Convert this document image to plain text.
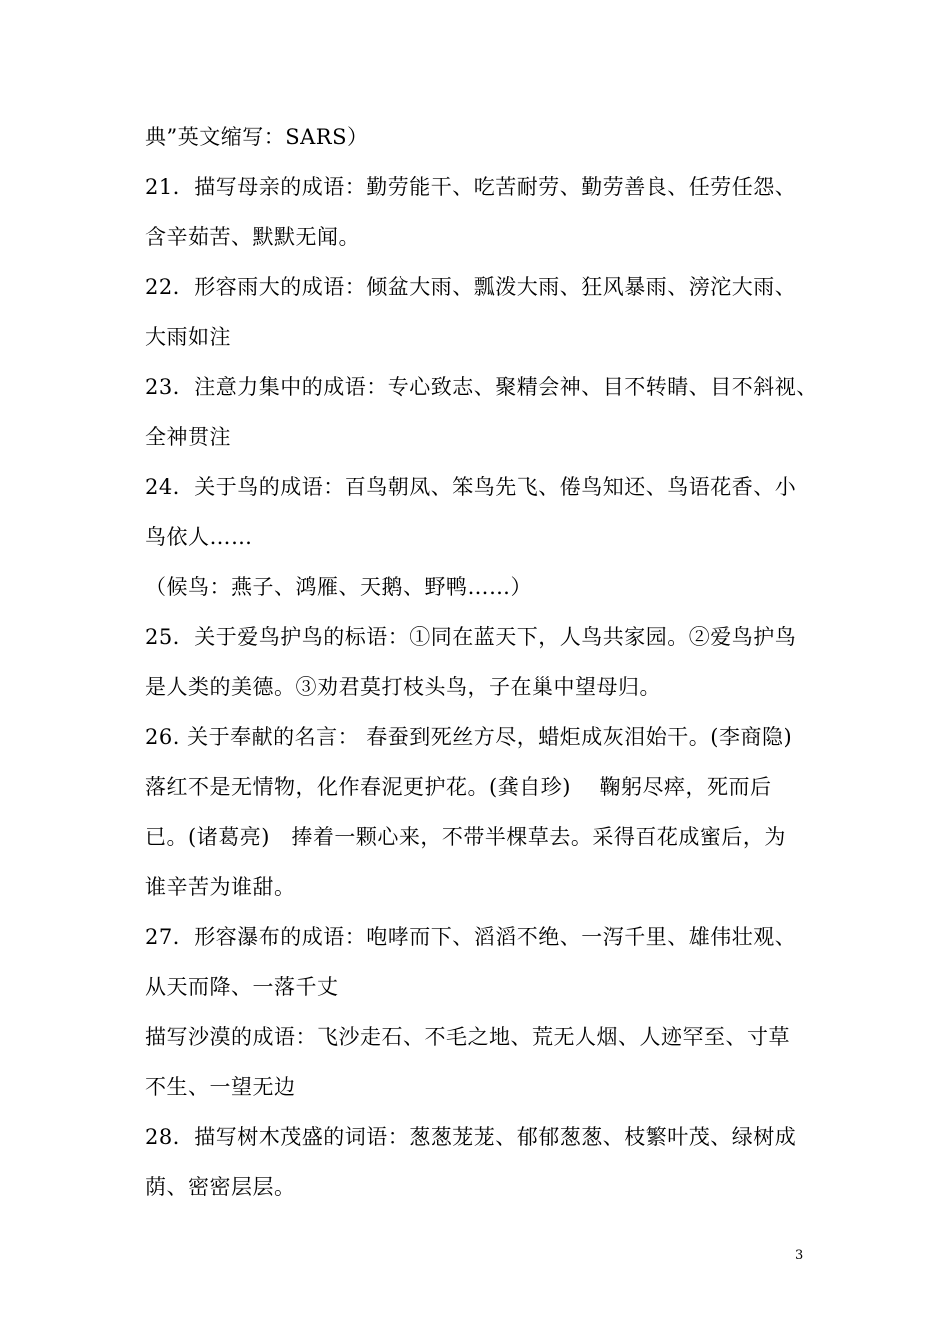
典”英文缩写：SARS）
21．描写母亲的成语：勤劳能干、吃苦耐劳、勤劳善良、任劳任怨、
含辛茹苦、默默无闻。
22．形容雨大的成语：倾盆大雨、瓢泼大雨、狂风暴雨、滂沱大雨、
大雨如注
23．注意力集中的成语：专心致志、聚精会神、目不转睛、目不斜视、
全神贯注
24．关于鸟的成语：百鸟朝凤、笨鸟先飞、倦鸟知还、鸟语花香、小
鸟依人……
（候鸟：燕子、鸿雁、天鹅、野鸭……）
25．关于爱鸟护鸟的标语：①同在蓝天下，人鸟共家园。②爱鸟护鸟
是人类的美德。③劝君莫打枝头鸟，子在巢中望母归。
26. 关于奉献的名言： 春蚕到死丝方尽，蜡炬成灰泪始干。(李商隐)
落红不是无情物，化作春泥更护花。(龚自珍)　 鞠躬尽瘁，死而后
已。(诸葛亮)　捧着一颗心来，不带半棵草去。采得百花成蜜后，为
谁辛苦为谁甜。
27．形容瀑布的成语：咆哮而下、滔滔不绝、一泻千里、雄伟壮观、
从天而降、一落千丈
描写沙漠的成语：飞沙走石、不毛之地、荒无人烟、人迹罕至、寸草
不生、一望无边
28．描写树木茂盛的词语：葱葱茏茏、郁郁葱葱、枝繁叶茂、绿树成
荫、密密层层。
3
